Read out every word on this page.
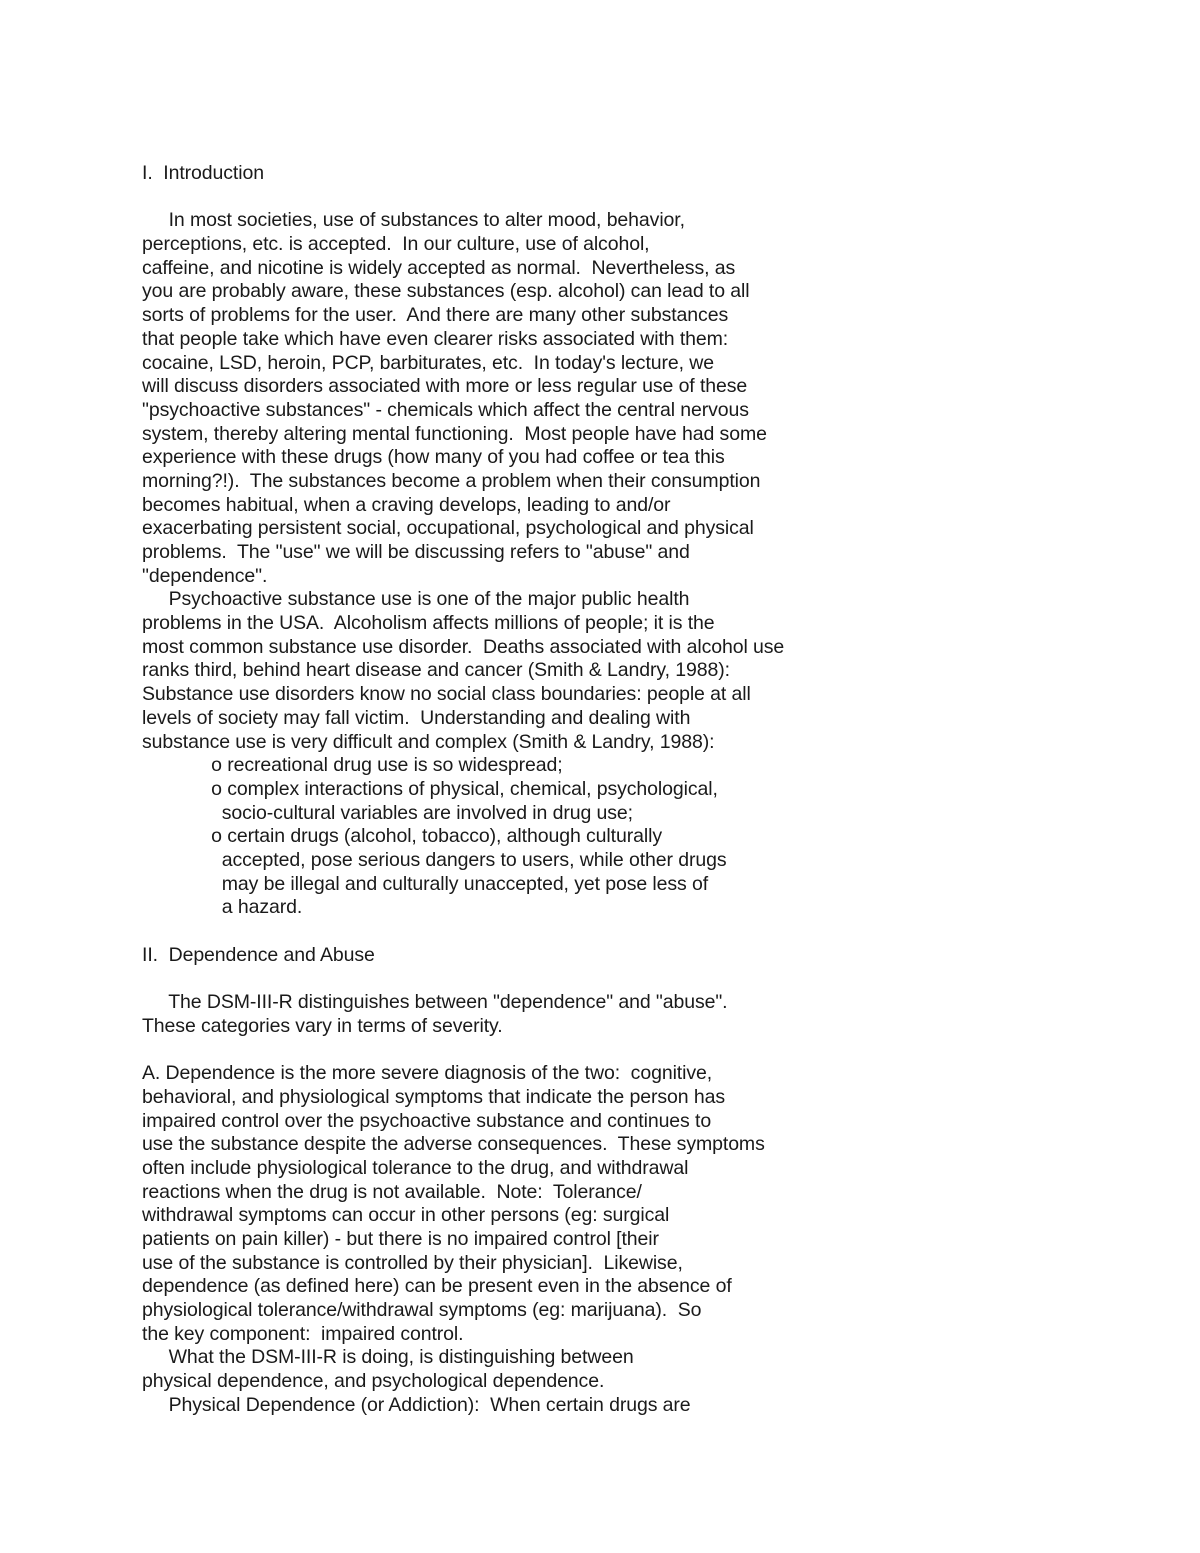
I.  Introduction
In most societies, use of substances to alter mood, behavior,
perceptions, etc. is accepted.  In our culture, use of alcohol,
caffeine, and nicotine is widely accepted as normal.  Nevertheless, as
you are probably aware, these substances (esp. alcohol) can lead to all
sorts of problems for the user.  And there are many other substances
that people take which have even clearer risks associated with them:
cocaine, LSD, heroin, PCP, barbiturates, etc.  In today's lecture, we
will discuss disorders associated with more or less regular use of these
"psychoactive substances" - chemicals which affect the central nervous
system, thereby altering mental functioning.  Most people have had some
experience with these drugs (how many of you had coffee or tea this
morning?!).  The substances become a problem when their consumption
becomes habitual, when a craving develops, leading to and/or
exacerbating persistent social, occupational, psychological and physical
problems.  The "use" we will be discussing refers to "abuse" and
"dependence".
Psychoactive substance use is one of the major public health
problems in the USA.  Alcoholism affects millions of people; it is the
most common substance use disorder.  Deaths associated with alcohol use
ranks third, behind heart disease and cancer (Smith & Landry, 1988):
Substance use disorders know no social class boundaries: people at all
levels of society may fall victim.  Understanding and dealing with
substance use is very difficult and complex (Smith & Landry, 1988):
o recreational drug use is so widespread;
o complex interactions of physical, chemical, psychological,
socio-cultural variables are involved in drug use;
o certain drugs (alcohol, tobacco), although culturally
accepted, pose serious dangers to users, while other drugs
may be illegal and culturally unaccepted, yet pose less of
a hazard.
II.  Dependence and Abuse
The DSM-III-R distinguishes between "dependence" and "abuse".
These categories vary in terms of severity.
A. Dependence is the more severe diagnosis of the two:  cognitive,
behavioral, and physiological symptoms that indicate the person has
impaired control over the psychoactive substance and continues to
use the substance despite the adverse consequences.  These symptoms
often include physiological tolerance to the drug, and withdrawal
reactions when the drug is not available.  Note:  Tolerance/
withdrawal symptoms can occur in other persons (eg: surgical
patients on pain killer) - but there is no impaired control [their
use of the substance is controlled by their physician].  Likewise,
dependence (as defined here) can be present even in the absence of
physiological tolerance/withdrawal symptoms (eg: marijuana).  So
the key component:  impaired control.
What the DSM-III-R is doing, is distinguishing between
physical dependence, and psychological dependence.
Physical Dependence (or Addiction):  When certain drugs are
